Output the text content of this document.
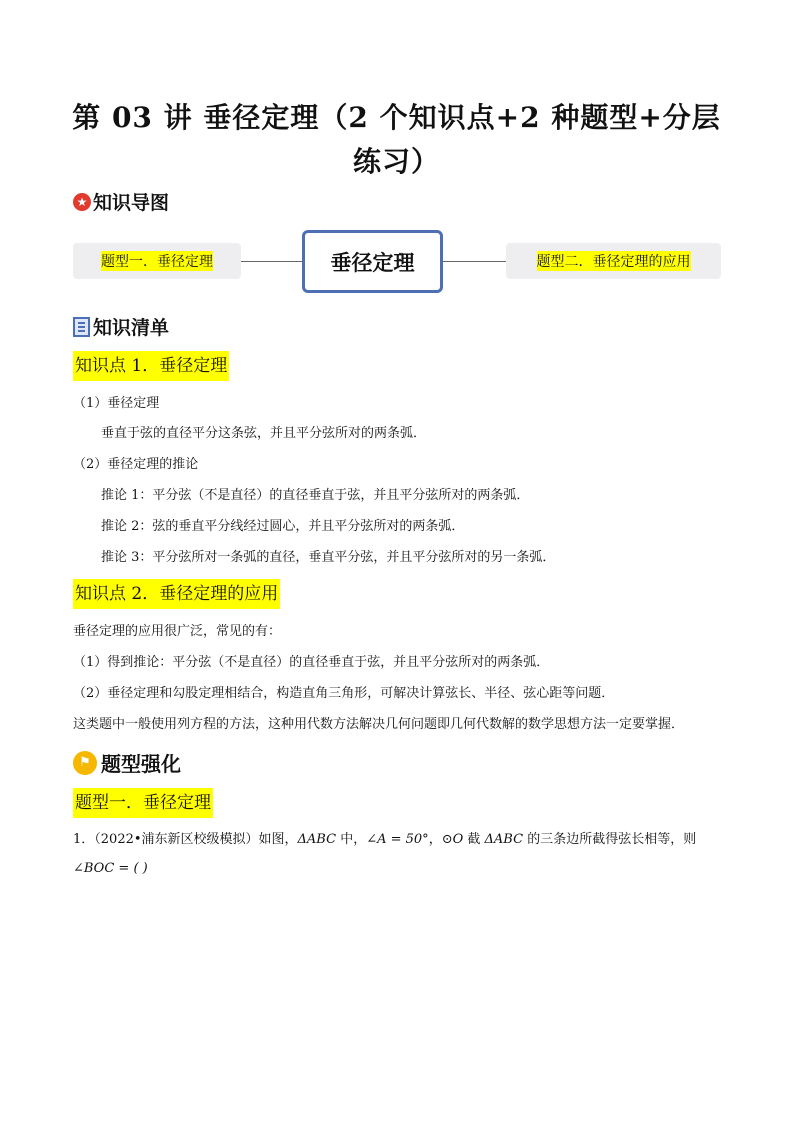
第 03 讲 垂径定理（2 个知识点+2 种题型+分层练习）
★ 知识导图
题型一．垂径定理	垂径定理	题型二．垂径定理的应用
知识清单
知识点 1．垂径定理
（1）垂径定理
垂直于弦的直径平分这条弦，并且平分弦所对的两条弧．
（2）垂径定理的推论
推论 1：平分弦（不是直径）的直径垂直于弦，并且平分弦所对的两条弧．
推论 2：弦的垂直平分线经过圆心，并且平分弦所对的两条弧．
推论 3：平分弦所对一条弧的直径，垂直平分弦，并且平分弦所对的另一条弧．
知识点 2．垂径定理的应用
垂径定理的应用很广泛，常见的有：
（1）得到推论：平分弦（不是直径）的直径垂直于弦，并且平分弦所对的两条弧．
（2）垂径定理和勾股定理相结合，构造直角三角形，可解决计算弦长、半径、弦心距等问题．
这类题中一般使用列方程的方法，这种用代数方法解决几何问题即几何代数解的数学思想方法一定要掌握．
⚑ 题型强化
题型一．垂径定理
1．（2022•浦东新区校级模拟）如图，ΔABC 中，∠A = 50°，⊙O 截 ΔABC 的三条边所截得弦长相等，则
∠BOC = ( )
